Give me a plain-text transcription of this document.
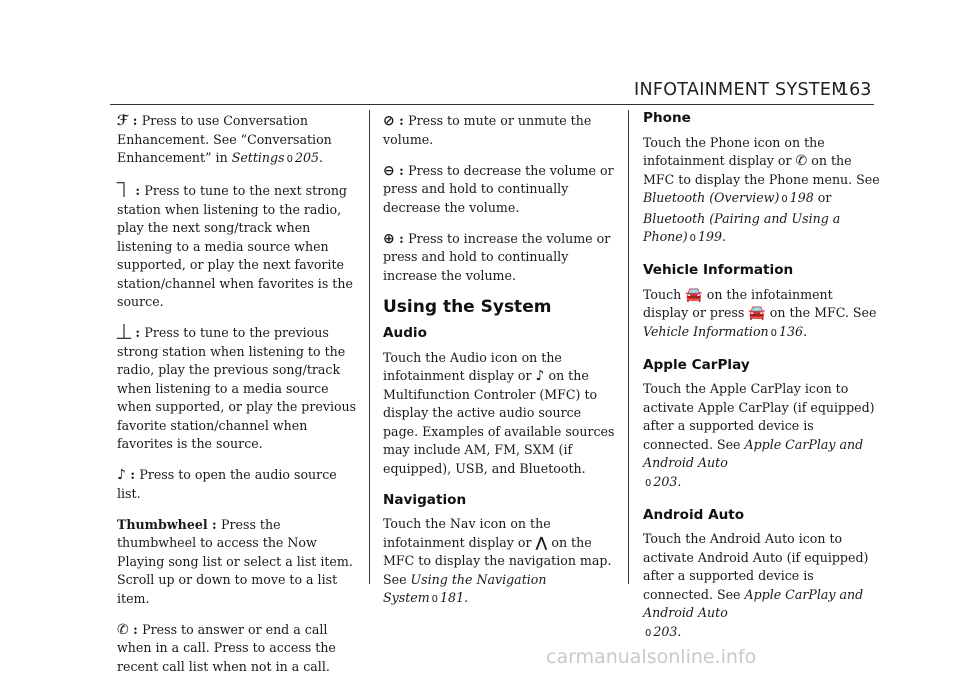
INFOTAINMENT SYSTEM
163

ℱ : Press to use Conversation Enhancement. See “Conversation Enhancement” in Settings 0 205.

⏋ : Press to tune to the next strong station when listening to the radio, play the next song/track when listening to a media source when supported, or play the next favorite station/channel when favorites is the source.

⏊ : Press to tune to the previous strong station when listening to the radio, play the previous song/track when listening to a media source when supported, or play the previous favorite station/channel when favorites is the source.

♪ : Press to open the audio source list.

Thumbwheel : Press the thumbwheel to access the Now Playing song list or select a list item. Scroll up or down to move to a list item.

✆ : Press to answer or end a call when in a call. Press to access the recent call list when not in a call.

⊘ : Press to mute or unmute the volume.

⊖ : Press to decrease the volume or press and hold to continually decrease the volume.

⊕ : Press to increase the volume or press and hold to continually increase the volume.

Using the System
Audio

Touch the Audio icon on the infotainment display or ♪ on the Multifunction Controler (MFC) to display the active audio source page. Examples of available sources may include AM, FM, SXM (if equipped), USB, and Bluetooth.

Navigation

Touch the Nav icon on the infotainment display or ⋀ on the MFC to display the navigation map. See Using the Navigation System 0 181.

Phone

Touch the Phone icon on the infotainment display or ✆ on the MFC to display the Phone menu. See Bluetooth (Overview) 0 198 or Bluetooth (Pairing and Using a Phone) 0 199.

Vehicle Information

Touch 🚘 on the infotainment display or press 🚘 on the MFC. See Vehicle Information 0 136.

Apple CarPlay

Touch the Apple CarPlay icon to activate Apple CarPlay (if equipped) after a supported device is connected. See Apple CarPlay and Android Auto
0 203.

Android Auto

Touch the Android Auto icon to activate Android Auto (if equipped) after a supported device is connected. See Apple CarPlay and Android Auto
0 203.

carmanualsonline.info
